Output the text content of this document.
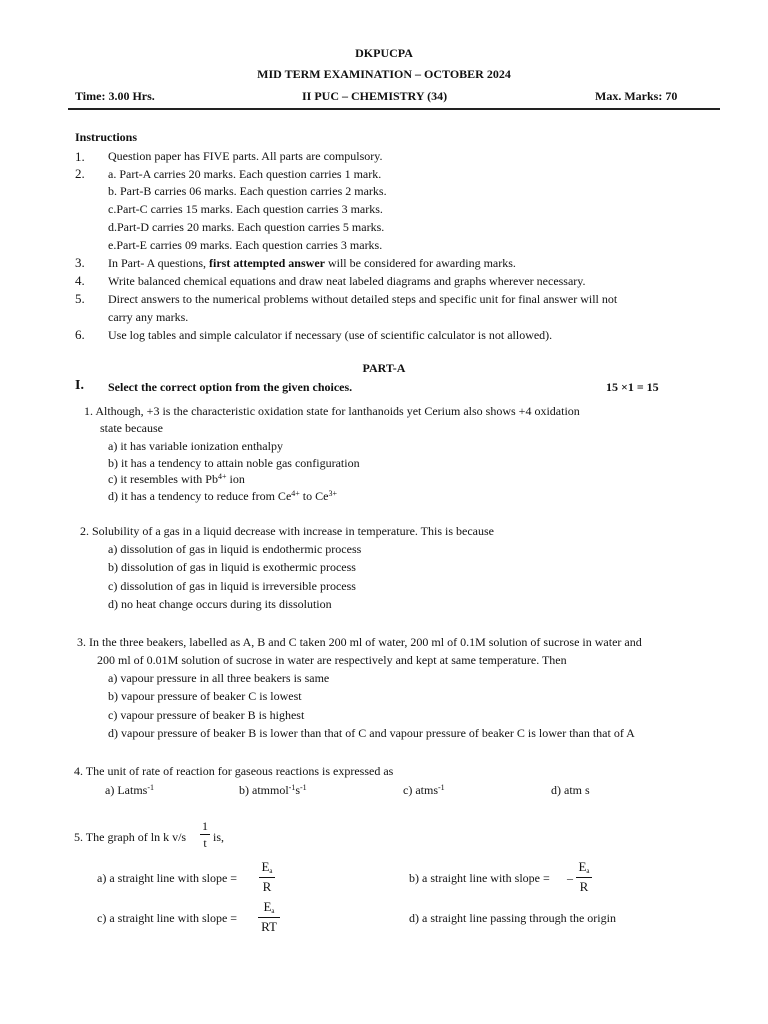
DKPUCPA
MID TERM EXAMINATION – OCTOBER 2024
Time: 3.00 Hrs.	II PUC – CHEMISTRY (34)	Max. Marks: 70
Instructions
1. Question paper has FIVE parts. All parts are compulsory.
2. a. Part-A carries 20 marks. Each question carries 1 mark.
b. Part-B carries 06 marks. Each question carries 2 marks.
c.Part-C carries 15 marks. Each question carries 3 marks.
d.Part-D carries 20 marks. Each question carries 5 marks.
e.Part-E carries 09 marks. Each question carries 3 marks.
3. In Part- A questions, first attempted answer will be considered for awarding marks.
4. Write balanced chemical equations and draw neat labeled diagrams and graphs wherever necessary.
5. Direct answers to the numerical problems without detailed steps and specific unit for final answer will not
carry any marks.
6. Use log tables and simple calculator if necessary (use of scientific calculator is not allowed).
PART-A
I. Select the correct option from the given choices.	15 ×1 = 15
1. Although, +3 is the characteristic oxidation state for lanthanoids yet Cerium also shows +4 oxidation
state because
a) it has variable ionization enthalpy
b) it has a tendency to attain noble gas configuration
c) it resembles with $Pb^{4+}$ ion
d) it has a tendency to reduce from $Ce^{4+}$ to $Ce^{3+}$
2. Solubility of a gas in a liquid decrease with increase in temperature. This is because
a) dissolution of gas in liquid is endothermic process
b) dissolution of gas in liquid is exothermic process
c) dissolution of gas in liquid is irreversible process
d) no heat change occurs during its dissolution
3. In the three beakers, labelled as A, B and C taken 200 ml of water, 200 ml of 0.1M solution of sucrose in water and
200 ml of 0.01M solution of sucrose in water are respectively and kept at same temperature. Then
a) vapour pressure in all three beakers is same
b) vapour pressure of beaker C is lowest
c) vapour pressure of beaker B is highest
d) vapour pressure of beaker B is lower than that of C and vapour pressure of beaker C is lower than that of A
4. The unit of rate of reaction for gaseous reactions is expressed as
a) Latms$^{-1}$	b) $atmmol^{-1}s^{-1}$	c) atms$^{-1}$	d) atm s
5. The graph of ln k v/s
1
t is,
a) a straight line with slope =
Ea
R
b) a straight line with slope = –
Ea
R
c) a straight line with slope =
Ea
RT
d) a straight line passing through the origin
